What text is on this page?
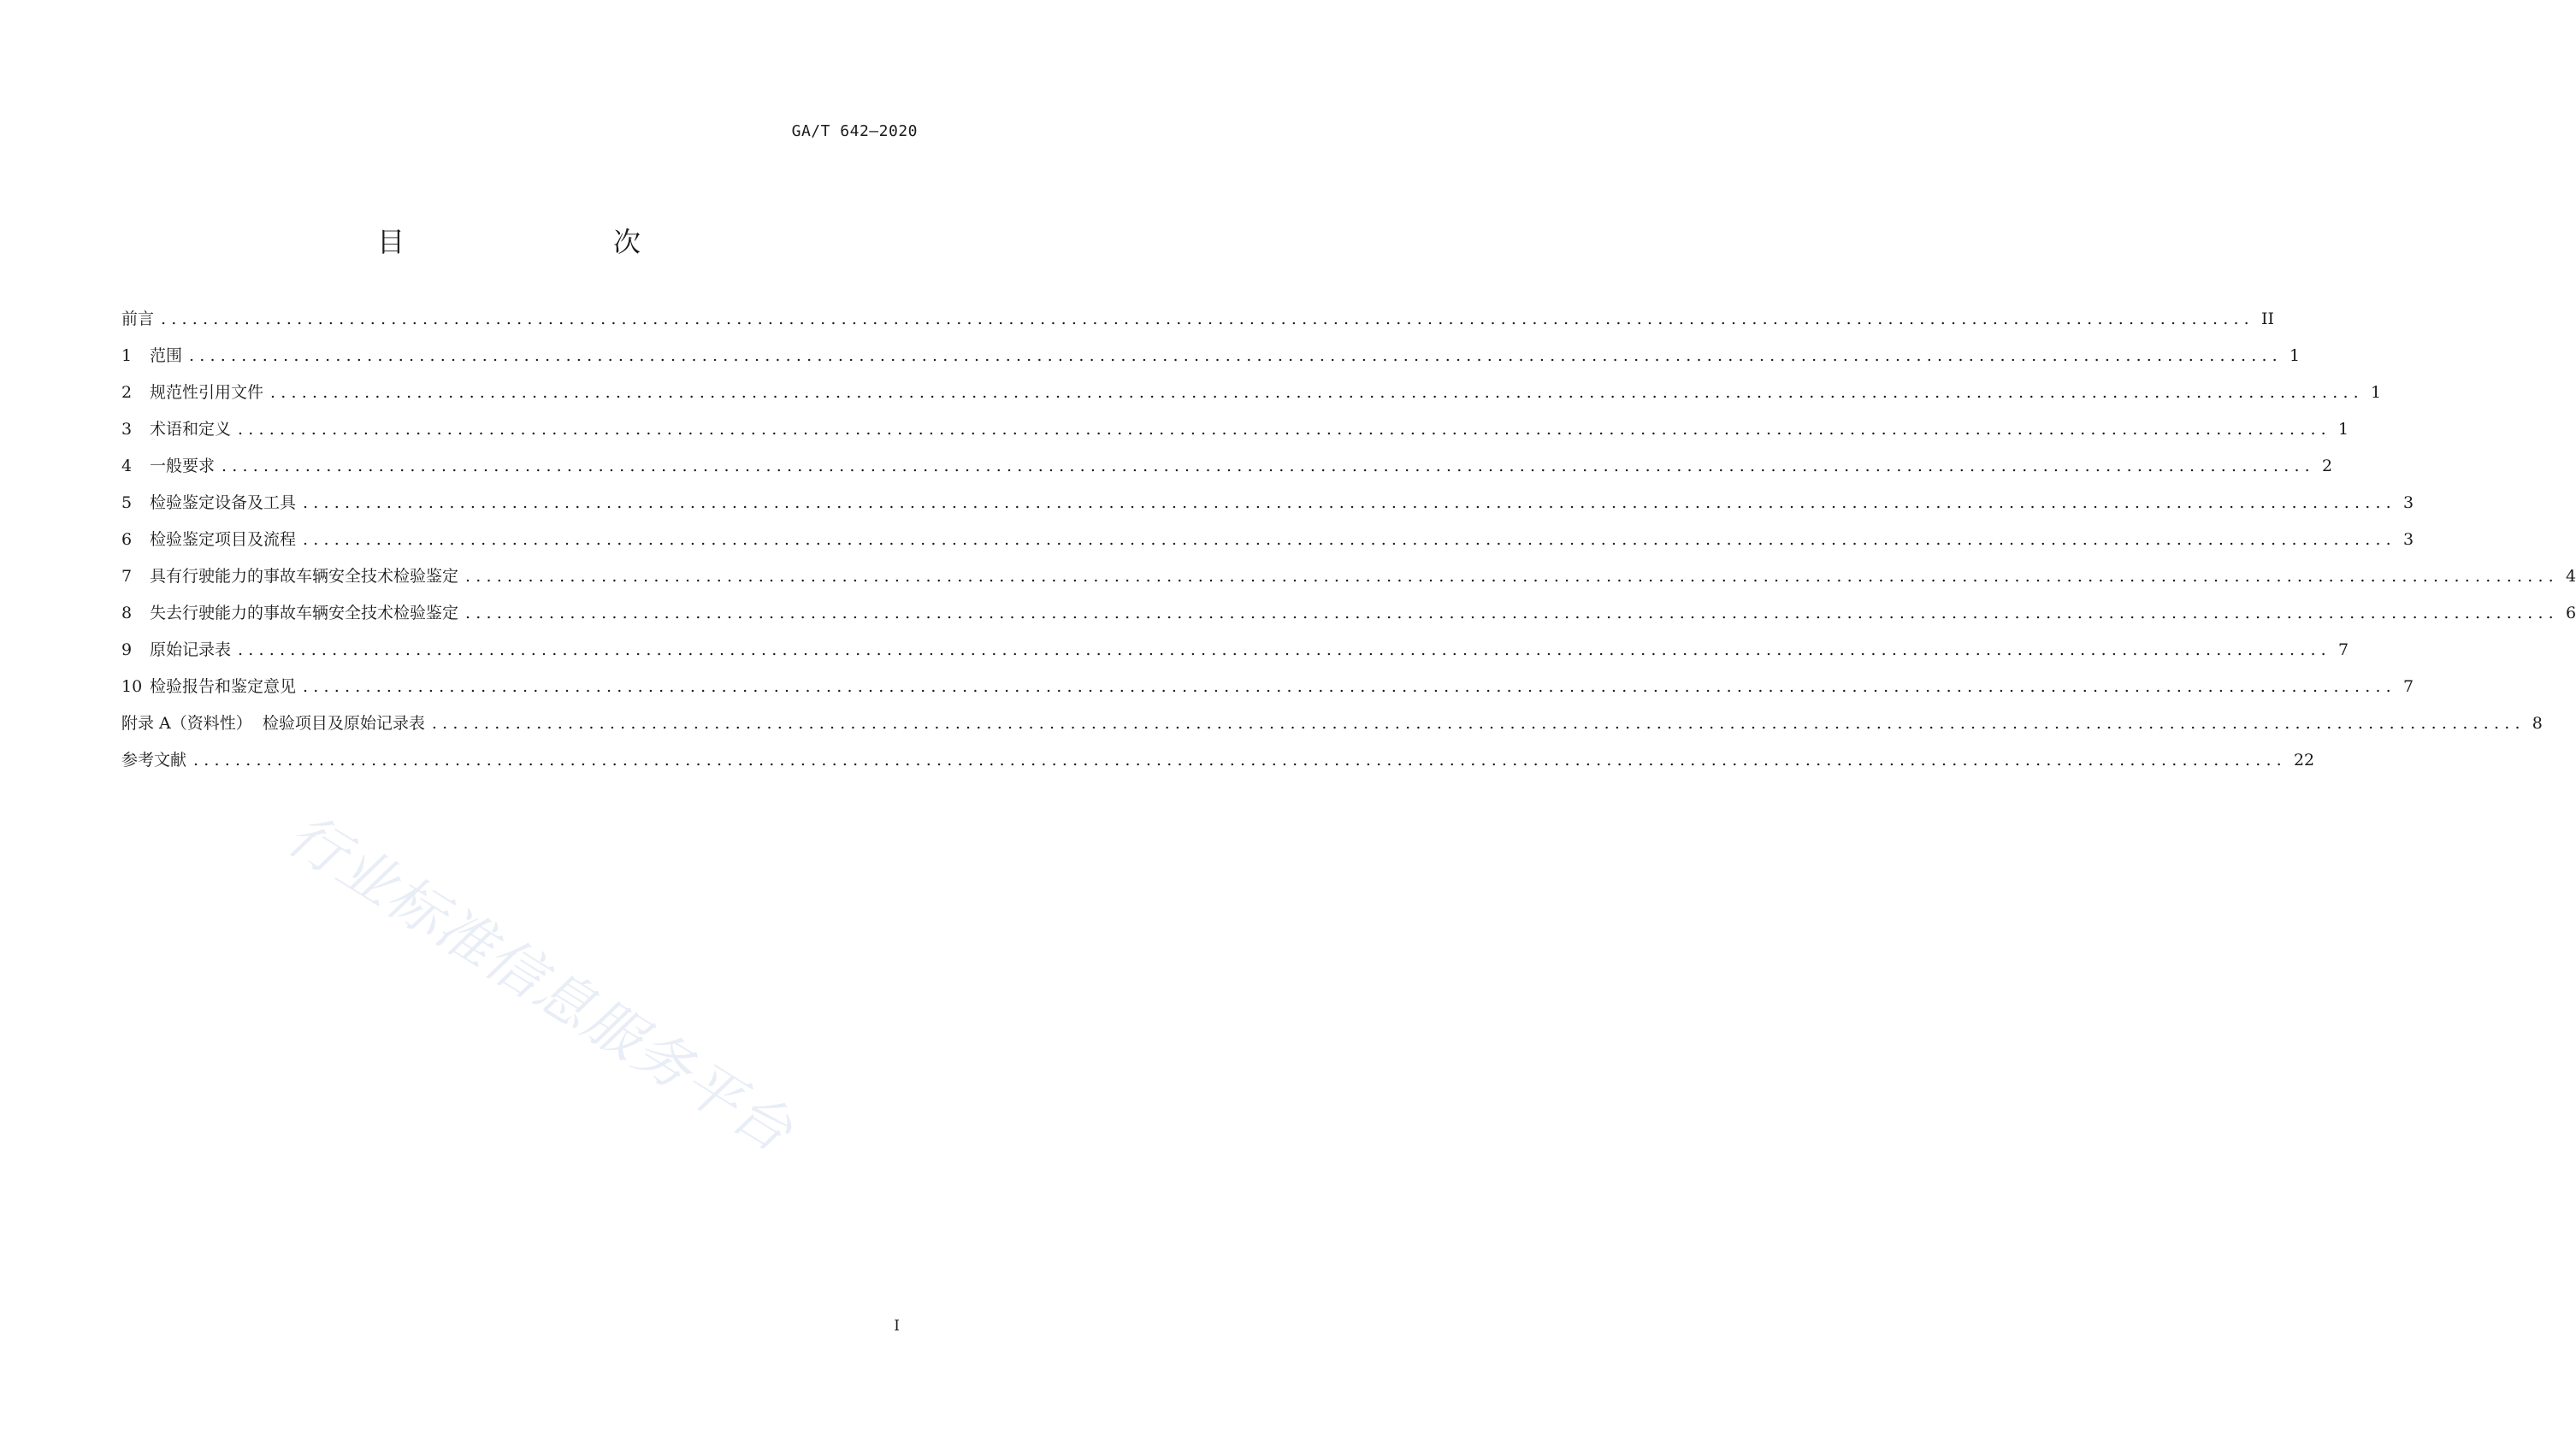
GA/T 642—2020
目　　次
前言 ........................................................................................................................................................................................................ II
1	范围 ........................................................................................................................................................................................................ 1
2	规范性引用文件 ........................................................................................................................................................................................................ 1
3	术语和定义 ........................................................................................................................................................................................................ 1
4	一般要求 ........................................................................................................................................................................................................ 2
5	检验鉴定设备及工具 ........................................................................................................................................................................................................ 3
6	检验鉴定项目及流程 ........................................................................................................................................................................................................ 3
7	具有行驶能力的事故车辆安全技术检验鉴定 ........................................................................................................................................................................................................ 4
8	失去行驶能力的事故车辆安全技术检验鉴定 ........................................................................................................................................................................................................ 6
9	原始记录表 ........................................................................................................................................................................................................ 7
10 检验报告和鉴定意见 ........................................................................................................................................................................................................ 7
附录 A（资料性）  检验项目及原始记录表 ........................................................................................................................................................................................................ 8
参考文献 ........................................................................................................................................................................................................ 22
行业标准信息服务平台
I
